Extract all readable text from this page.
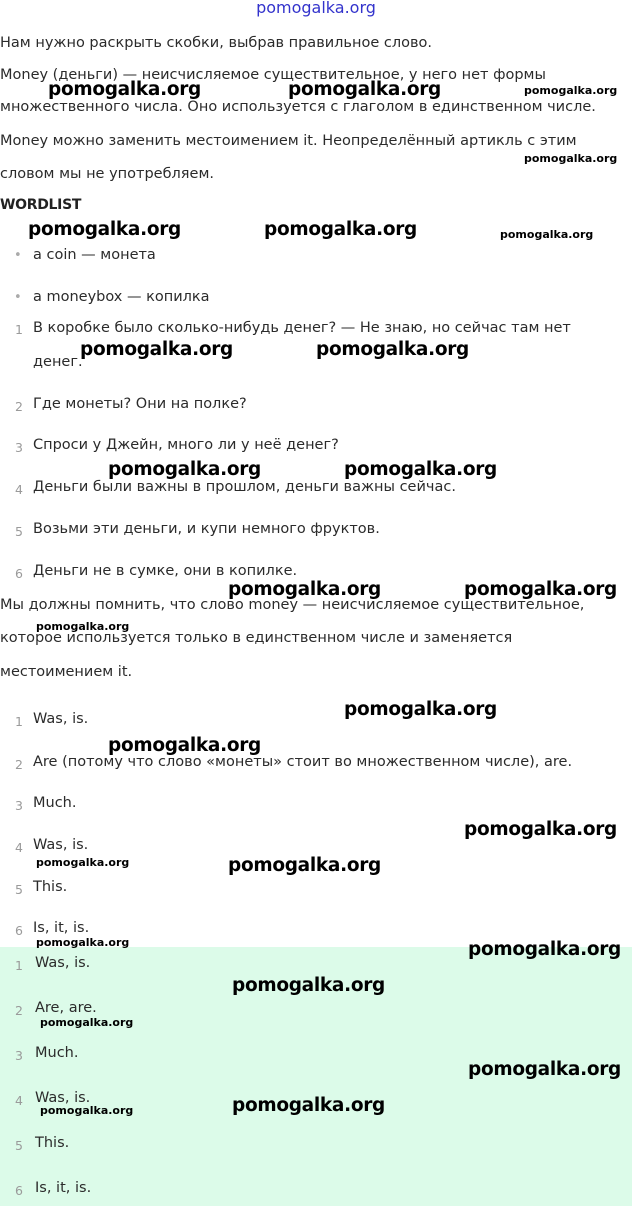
pomogalka.org
Нам нужно раскрыть скобки, выбрав правильное слово.
Money (деньги) — неисчисляемое существительное, у него нет формы
множественного числа. Оно используется с глаголом в единственном числе.
Money можно заменить местоимением it. Неопределённый артикль с этим
словом мы не употребляем.
WORDLIST
• a coin — монета
• a moneybox — копилка
1 В коробке было сколько-нибудь денег? — Не знаю, но сейчас там нет
денег.
2 Где монеты? Они на полке?
3 Спроси у Джейн, много ли у неё денег?
4 Деньги были важны в прошлом, деньги важны сейчас.
5 Возьми эти деньги, и купи немного фруктов.
6 Деньги не в сумке, они в копилке.
Мы должны помнить, что слово money — неисчисляемое существительное,
которое используется только в единственном числе и заменяется
местоимением it.
1 Was, is.
2 Are (потому что слово «монеты» стоит во множественном числе), are.
3 Much.
4 Was, is.
5 This.
6 Is, it, is.
1 Was, is.
2 Are, are.
3 Much.
4 Was, is.
5 This.
6 Is, it, is.
pomogalka.org	pomogalka.org	pomogalka.org
pomogalka.org
pomogalka.org	pomogalka.org	pomogalka.org
pomogalka.org	pomogalka.org
pomogalka.org	pomogalka.org
pomogalka.org	pomogalka.org
pomogalka.org
pomogalka.org
pomogalka.org
pomogalka.org
pomogalka.org	pomogalka.org
pomogalka.org	pomogalka.org
pomogalka.org
pomogalka.org
pomogalka.org
pomogalka.org
pomogalka.org
